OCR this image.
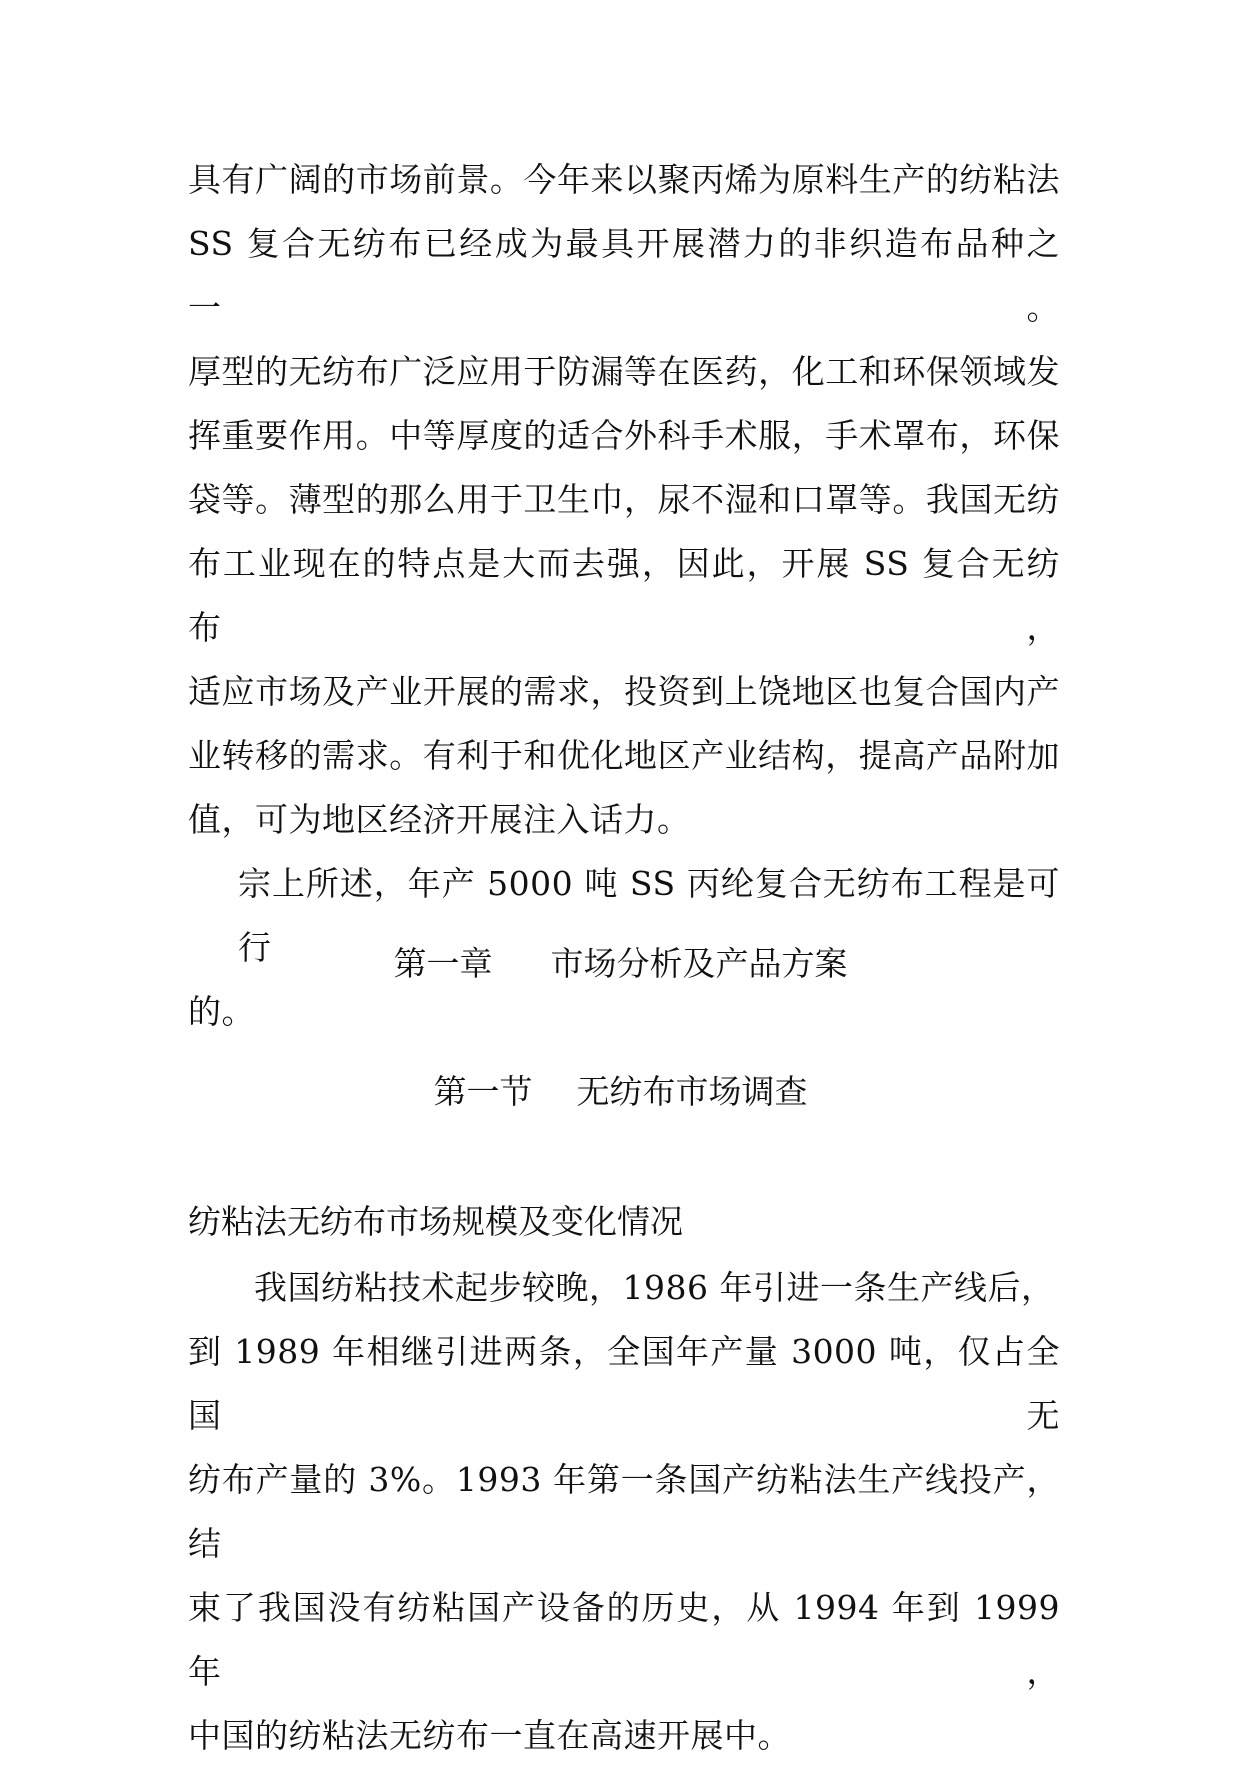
具有广阔的市场前景。今年来以聚丙烯为原料生产的纺粘法
SS 复合无纺布已经成为最具开展潜力的非织造布品种之一。
厚型的无纺布广泛应用于防漏等在医药，化工和环保领域发
挥重要作用。中等厚度的适合外科手术服，手术罩布，环保
袋等。薄型的那么用于卫生巾，尿不湿和口罩等。我国无纺
布工业现在的特点是大而去强，因此，开展 SS 复合无纺布，
适应市场及产业开展的需求，投资到上饶地区也复合国内产
业转移的需求。有利于和优化地区产业结构，提高产品附加
值，可为地区经济开展注入话力。
宗上所述，年产 5000 吨 SS 丙纶复合无纺布工程是可行
的。
第一章 市场分析及产品方案
第一节 无纺布市场调查
纺粘法无纺布市场规模及变化情况
我国纺粘技术起步较晚，1986 年引进一条生产线后，
到 1989 年相继引进两条，全国年产量 3000 吨，仅占全国无
纺布产量的 3%。1993 年第一条国产纺粘法生产线投产，结
束了我国没有纺粘国产设备的历史，从 1994 年到 1999 年，
中国的纺粘法无纺布一直在高速开展中。
